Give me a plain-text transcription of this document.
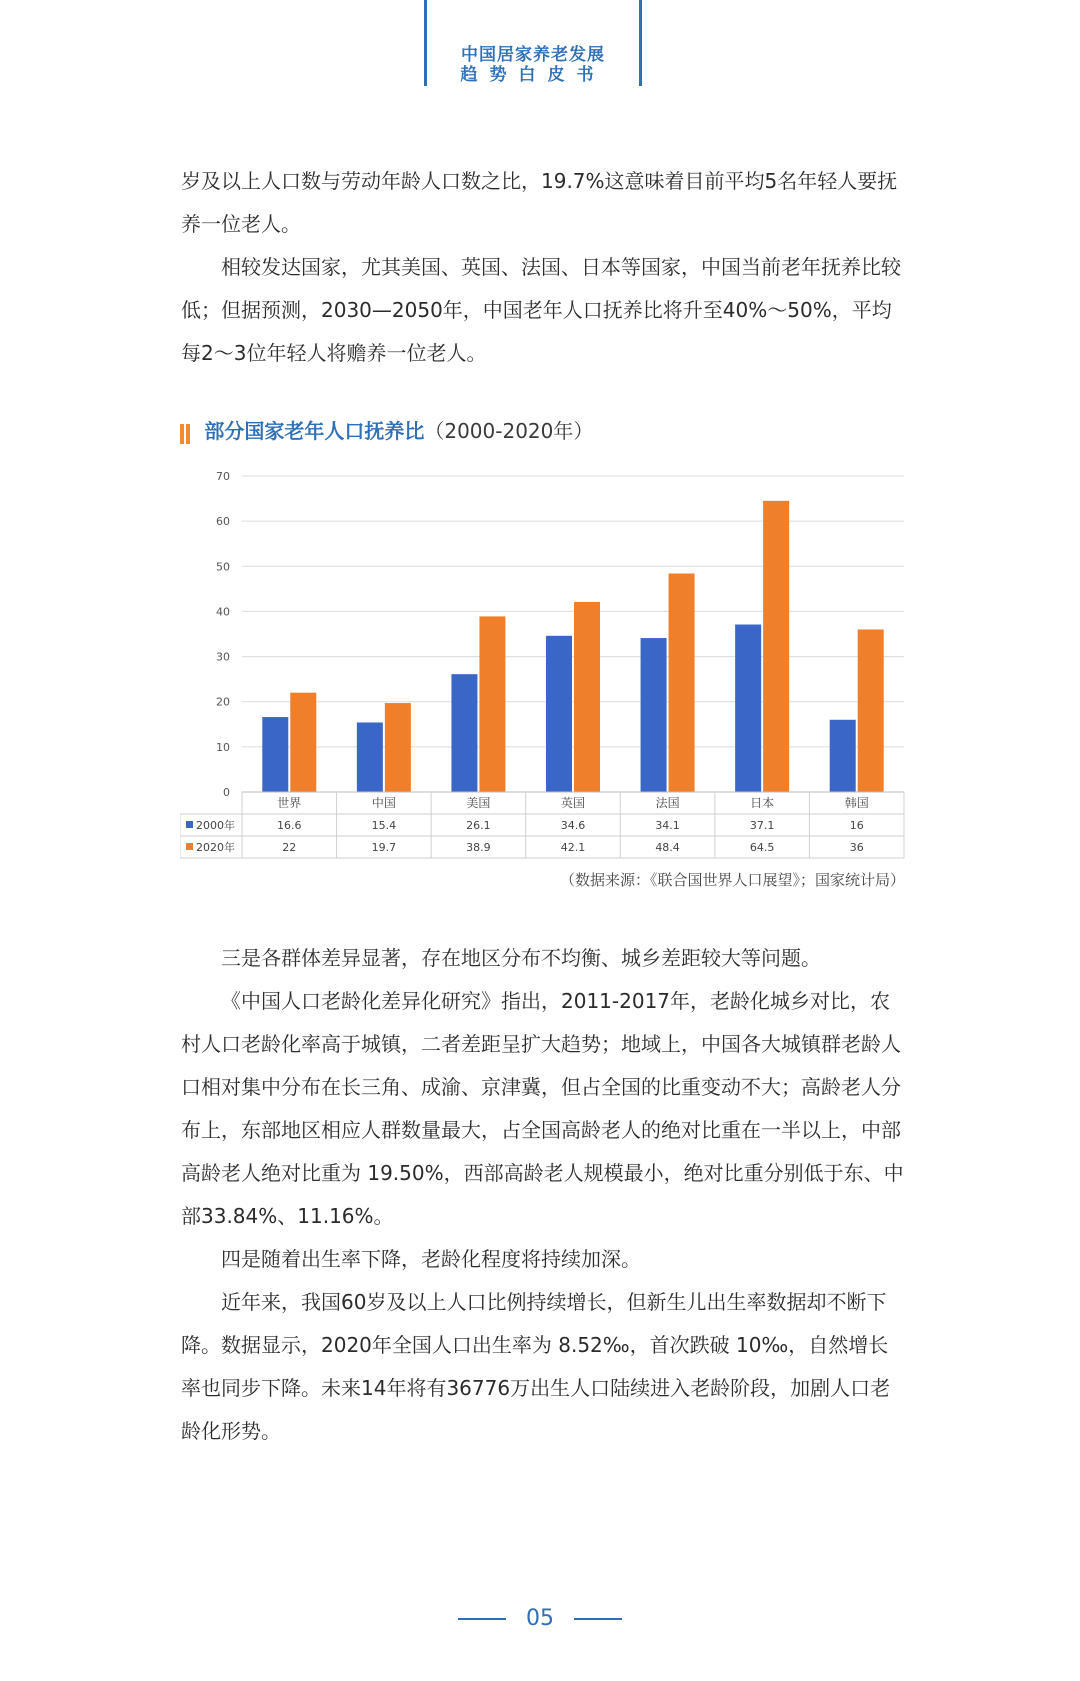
中国居家养老发展
趋势白皮书

岁及以上人口数与劳动年龄人口数之比，19.7%这意味着目前平均5名年轻人要抚养一位老人。

相较发达国家，尤其美国、英国、法国、日本等国家，中国当前老年抚养比较低；但据预测，2030—2050年，中国老年人口抚养比将升至40%～50%，平均每2～3位年轻人将赡养一位老人。

部分国家老年人口抚养比（2000-2020年）
0
10
20
30
40
50
60
70
世界	中国	美国	英国	法国	日本	韩国
2000年	16.6	15.4	26.1	34.6	34.1	37.1	16
2020年	22	19.7	38.9	42.1	48.4	64.5	36
（数据来源：《联合国世界人口展望》；国家统计局）

三是各群体差异显著，存在地区分布不均衡、城乡差距较大等问题。

《中国人口老龄化差异化研究》指出，2011-2017年，老龄化城乡对比，农村人口老龄化率高于城镇，二者差距呈扩大趋势；地域上，中国各大城镇群老龄人口相对集中分布在长三角、成渝、京津冀，但占全国的比重变动不大；高龄老人分布上，东部地区相应人群数量最大，占全国高龄老人的绝对比重在一半以上，中部高龄老人绝对比重为 19.50%，西部高龄老人规模最小，绝对比重分别低于东、中部33.84%、11.16%。

四是随着出生率下降，老龄化程度将持续加深。

近年来，我国60岁及以上人口比例持续增长，但新生儿出生率数据却不断下降。数据显示，2020年全国人口出生率为 8.52‰，首次跌破 10‰，自然增长率也同步下降。未来14年将有36776万出生人口陆续进入老龄阶段，加剧人口老龄化形势。

05
